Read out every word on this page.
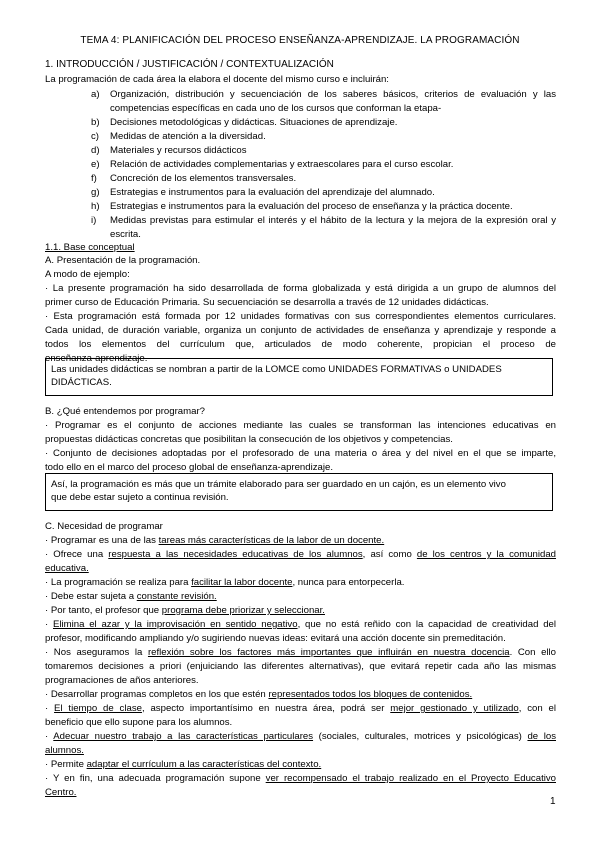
TEMA 4: PLANIFICACIÓN DEL PROCESO ENSEÑANZA-APRENDIZAJE. LA PROGRAMACIÓN
1. INTRODUCCIÓN / JUSTIFICACIÓN / CONTEXTUALIZACIÓN
La programación de cada área la elabora el docente del mismo curso e incluirán:
a) Organización, distribución y secuenciación de los saberes básicos, criterios de evaluación y las
competencias específicas en cada uno de los cursos que conforman la etapa-
b) Decisiones metodológicas y didácticas. Situaciones de aprendizaje.
c) Medidas de atención a la diversidad.
d) Materiales y recursos didácticos
e) Relación de actividades complementarias y extraescolares para el curso escolar.
f) Concreción de los elementos transversales.
g) Estrategias e instrumentos para la evaluación del aprendizaje del alumnado.
h) Estrategias e instrumentos para la evaluación del proceso de enseñanza y la práctica docente.
i) Medidas previstas para estimular el interés y el hábito de la lectura y la mejora de la expresión oral y
escrita.
1.1. Base conceptual
A. Presentación de la programación.
A modo de ejemplo:
· La presente programación ha sido desarrollada de forma globalizada y está dirigida a un grupo de alumnos del
primer curso de Educación Primaria. Su secuenciación se desarrolla a través de 12 unidades didácticas.
· Esta programación está formada por 12 unidades formativas con sus correspondientes elementos curriculares.
Cada unidad, de duración variable, organiza un conjunto de actividades de enseñanza y aprendizaje y responde a
todos los elementos del currículum que, articulados de modo coherente, propician el proceso de
enseñanza-aprendizaje.
Las unidades didácticas se nombran a partir de la LOMCE como UNIDADES FORMATIVAS o UNIDADES
DIDÁCTICAS.
B. ¿Qué entendemos por programar?
· Programar es el conjunto de acciones mediante las cuales se transforman las intenciones educativas en
propuestas didácticas concretas que posibilitan la consecución de los objetivos y competencias.
· Conjunto de decisiones adoptadas por el profesorado de una materia o área y del nivel en el que se imparte,
todo ello en el marco del proceso global de enseñanza-aprendizaje.
Así, la programación es más que un trámite elaborado para ser guardado en un cajón, es un elemento vivo
que debe estar sujeto a continua revisión.
C. Necesidad de programar
· Programar es una de las tareas más características de la labor de un docente.
· Ofrece una respuesta a las necesidades educativas de los alumnos, así como de los centros y la comunidad
educativa.
· La programación se realiza para facilitar la labor docente, nunca para entorpecerla.
· Debe estar sujeta a constante revisión.
· Por tanto, el profesor que programa debe priorizar y seleccionar.
· Elimina el azar y la improvisación en sentido negativo, que no está reñido con la capacidad de creatividad del
profesor, modificando ampliando y/o sugiriendo nuevas ideas: evitará una acción docente sin premeditación.
· Nos aseguramos la reflexión sobre los factores más importantes que influirán en nuestra docencia. Con ello
tomaremos decisiones a priori (enjuiciando las diferentes alternativas), que evitará repetir cada año las mismas
programaciones de años anteriores.
· Desarrollar programas completos en los que estén representados todos los bloques de contenidos.
· El tiempo de clase, aspecto importantísimo en nuestra área, podrá ser mejor gestionado y utilizado, con el
beneficio que ello supone para los alumnos.
· Adecuar nuestro trabajo a las características particulares (sociales, culturales, motrices y psicológicas) de los
alumnos.
· Permite adaptar el currículum a las características del contexto.
· Y en fin, una adecuada programación supone ver recompensado el trabajo realizado en el Proyecto Educativo
Centro.
1
